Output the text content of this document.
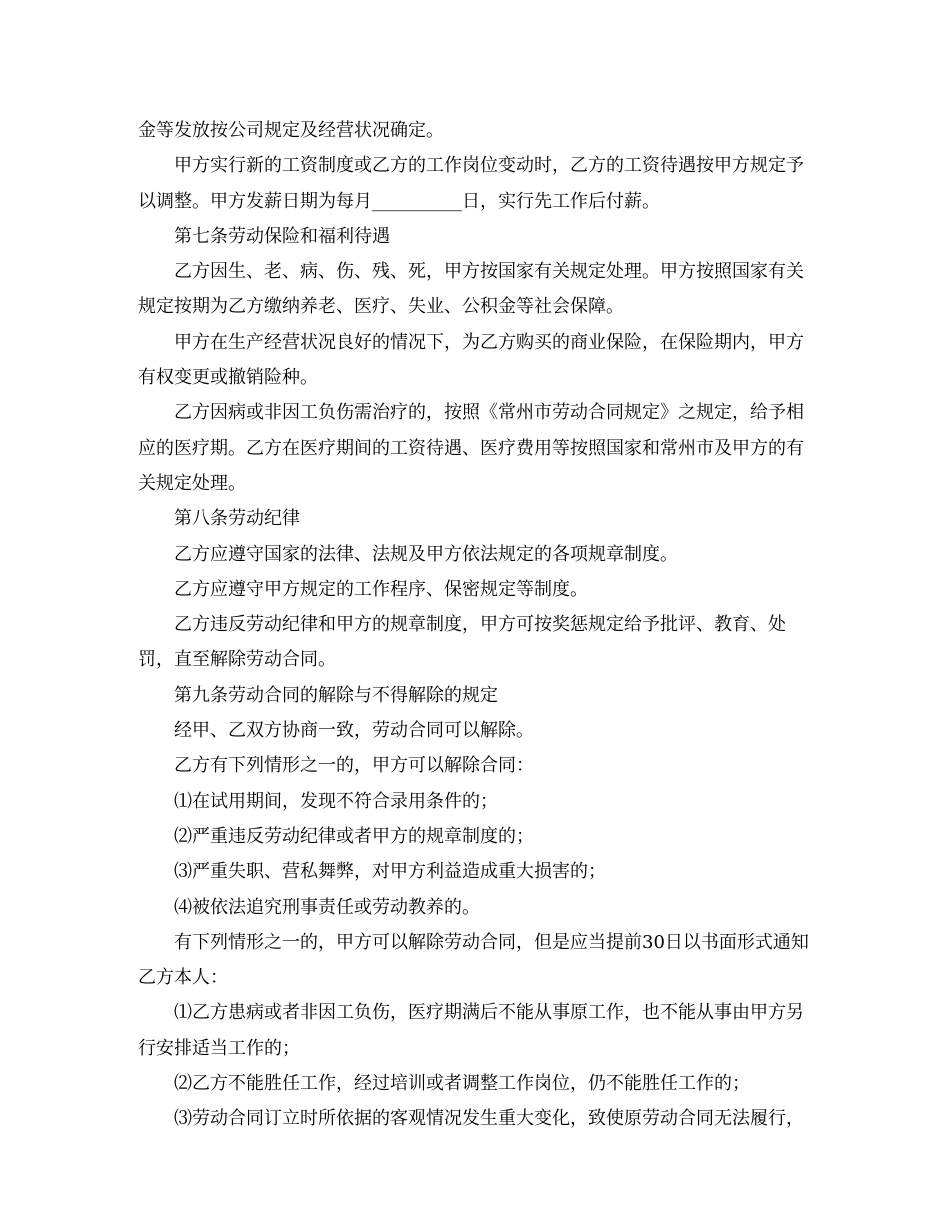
金等发放按公司规定及经营状况确定。

甲方实行新的工资制度或乙方的工作岗位变动时，乙方的工资待遇按甲方规定予以调整。甲方发薪日期为每月__________日，实行先工作后付薪。

第七条劳动保险和福利待遇

乙方因生、老、病、伤、残、死，甲方按国家有关规定处理。甲方按照国家有关规定按期为乙方缴纳养老、医疗、失业、公积金等社会保障。

甲方在生产经营状况良好的情况下，为乙方购买的商业保险，在保险期内，甲方有权变更或撤销险种。

乙方因病或非因工负伤需治疗的，按照《常州市劳动合同规定》之规定，给予相应的医疗期。乙方在医疗期间的工资待遇、医疗费用等按照国家和常州市及甲方的有关规定处理。

第八条劳动纪律

乙方应遵守国家的法律、法规及甲方依法规定的各项规章制度。

乙方应遵守甲方规定的工作程序、保密规定等制度。

乙方违反劳动纪律和甲方的规章制度，甲方可按奖惩规定给予批评、教育、处罚，直至解除劳动合同。

第九条劳动合同的解除与不得解除的规定

经甲、乙双方协商一致，劳动合同可以解除。

乙方有下列情形之一的，甲方可以解除合同：

⑴在试用期间，发现不符合录用条件的；

⑵严重违反劳动纪律或者甲方的规章制度的；

⑶严重失职、营私舞弊，对甲方利益造成重大损害的；

⑷被依法追究刑事责任或劳动教养的。

有下列情形之一的，甲方可以解除劳动合同，但是应当提前30日以书面形式通知乙方本人：

⑴乙方患病或者非因工负伤，医疗期满后不能从事原工作，也不能从事由甲方另行安排适当工作的；

⑵乙方不能胜任工作，经过培训或者调整工作岗位，仍不能胜任工作的；

⑶劳动合同订立时所依据的客观情况发生重大变化，致使原劳动合同无法履行，
